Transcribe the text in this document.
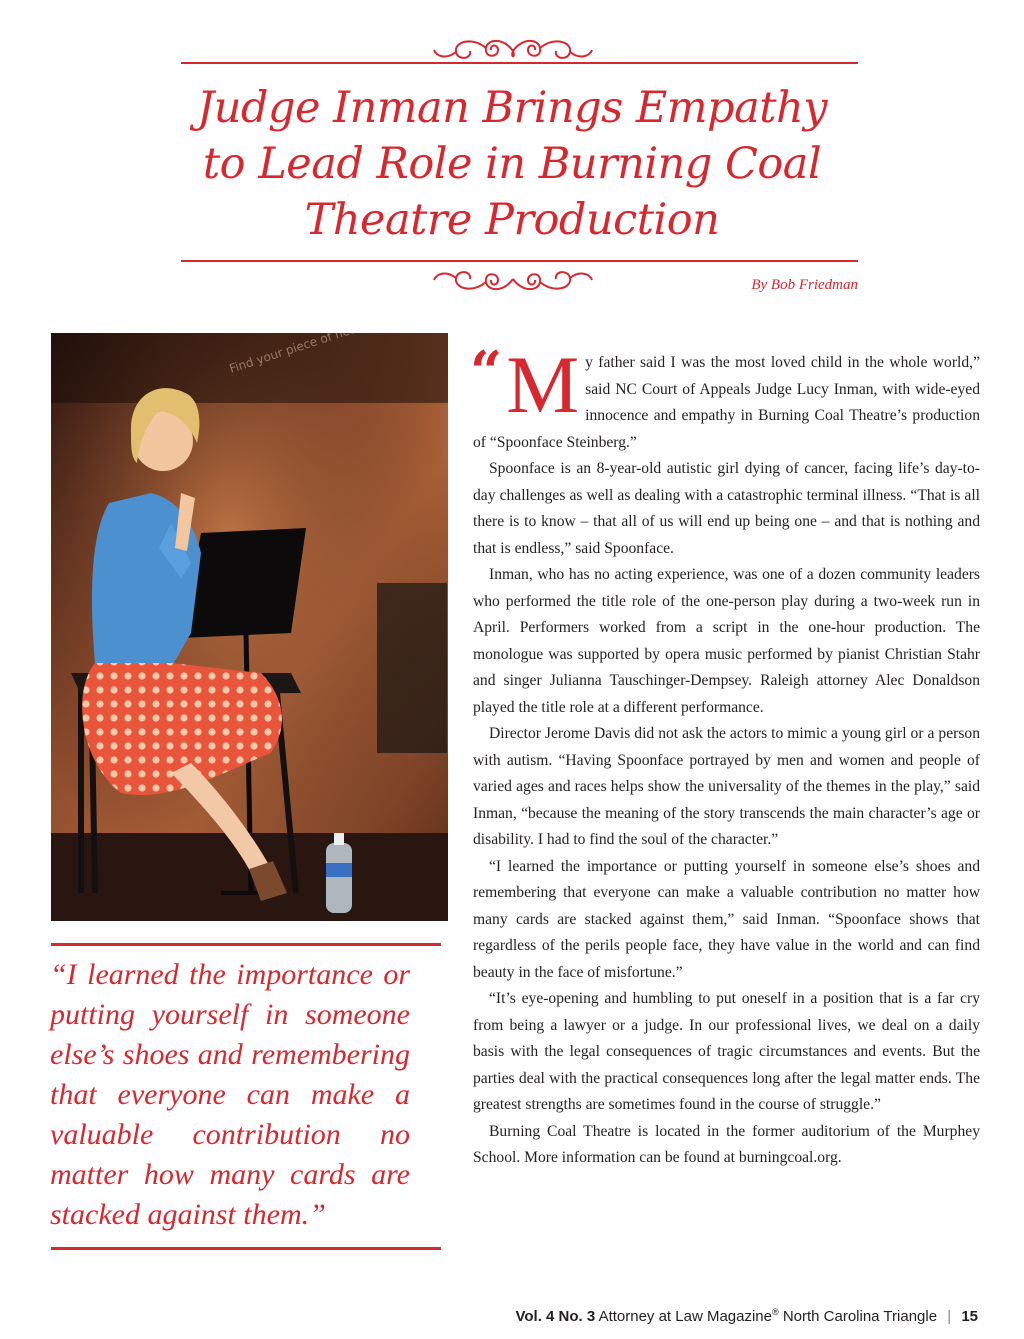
Judge Inman Brings Empathy
to Lead Role in Burning Coal
Theatre Production
By Bob Friedman

“I learned the importance or putting yourself in someone else’s shoes and remembering that everyone can make a valuable contribution no matter how many cards are stacked against them.”

“ M y father said I was the most loved child in the whole world,” said NC Court of Appeals Judge Lucy Inman, with wide-eyed innocence and empathy in Burning Coal Theatre’s production of “Spoonface Steinberg.”

Spoonface is an 8-year-old autistic girl dying of cancer, facing life’s day-to-day challenges as well as dealing with a catastrophic terminal illness. “That is all there is to know – that all of us will end up being one – and that is nothing and that is endless,” said Spoonface.

Inman, who has no acting experience, was one of a dozen community leaders who performed the title role of the one-person play during a two-week run in April. Performers worked from a script in the one-hour production. The monologue was supported by opera music performed by pianist Christian Stahr and singer Julianna Tauschinger-Dempsey. Raleigh attorney Alec Donaldson played the title role at a different performance.

Director Jerome Davis did not ask the actors to mimic a young girl or a person with autism. “Having Spoonface portrayed by men and women and people of varied ages and races helps show the universality of the themes in the play,” said Inman, “because the meaning of the story transcends the main character’s age or disability. I had to find the soul of the character.”

“I learned the importance or putting yourself in someone else’s shoes and remembering that everyone can make a valuable contribution no matter how many cards are stacked against them,” said Inman. “Spoonface shows that regardless of the perils people face, they have value in the world and can find beauty in the face of misfortune.”

“It’s eye-opening and humbling to put oneself in a position that is a far cry from being a lawyer or a judge. In our professional lives, we deal on a daily basis with the legal consequences of tragic circumstances and events. But the parties deal with the practical consequences long after the legal matter ends. The greatest strengths are sometimes found in the course of struggle.”

Burning Coal Theatre is located in the former auditorium of the Murphey School. More information can be found at burningcoal.org.

Vol. 4 No. 3 Attorney at Law Magazine® North Carolina Triangle | 15
